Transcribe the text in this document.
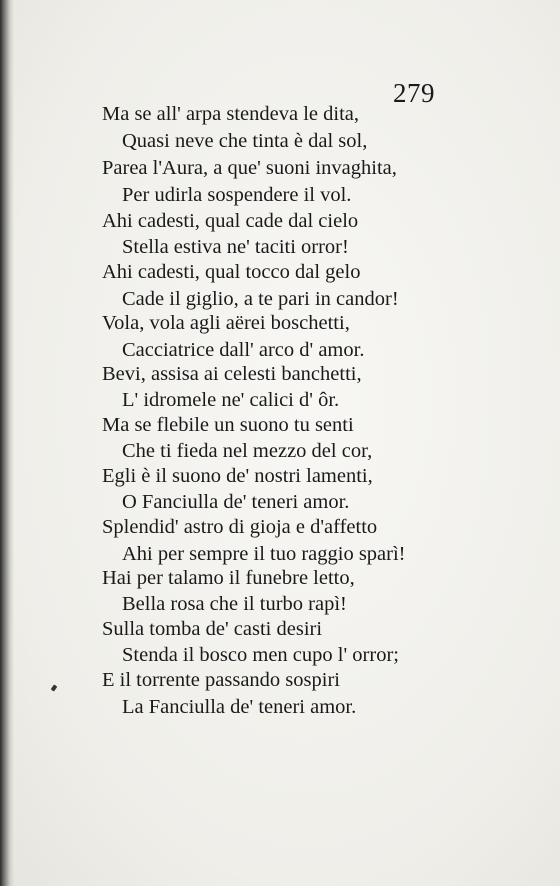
279
Ma se all' arpa stendeva le dita,
Quasi neve che tinta è dal sol,
Parea l'Aura, a que' suoni invaghita,
Per udirla sospendere il vol.
Ahi cadesti, qual cade dal cielo
Stella estiva ne' taciti orror!
Ahi cadesti, qual tocco dal gelo
Cade il giglio, a te pari in candor!
Vola, vola agli aërei boschetti,
Cacciatrice dall' arco d' amor.
Bevi, assisa ai celesti banchetti,
L' idromele ne' calici d' ôr.
Ma se flebile un suono tu senti
Che ti fieda nel mezzo del cor,
Egli è il suono de' nostri lamenti,
O Fanciulla de' teneri amor.
Splendid' astro di gioja e d'affetto
Ahi per sempre il tuo raggio sparì!
Hai per talamo il funebre letto,
Bella rosa che il turbo rapì!
Sulla tomba de' casti desiri
Stenda il bosco men cupo l' orror;
E il torrente passando sospiri
La Fanciulla de' teneri amor.
